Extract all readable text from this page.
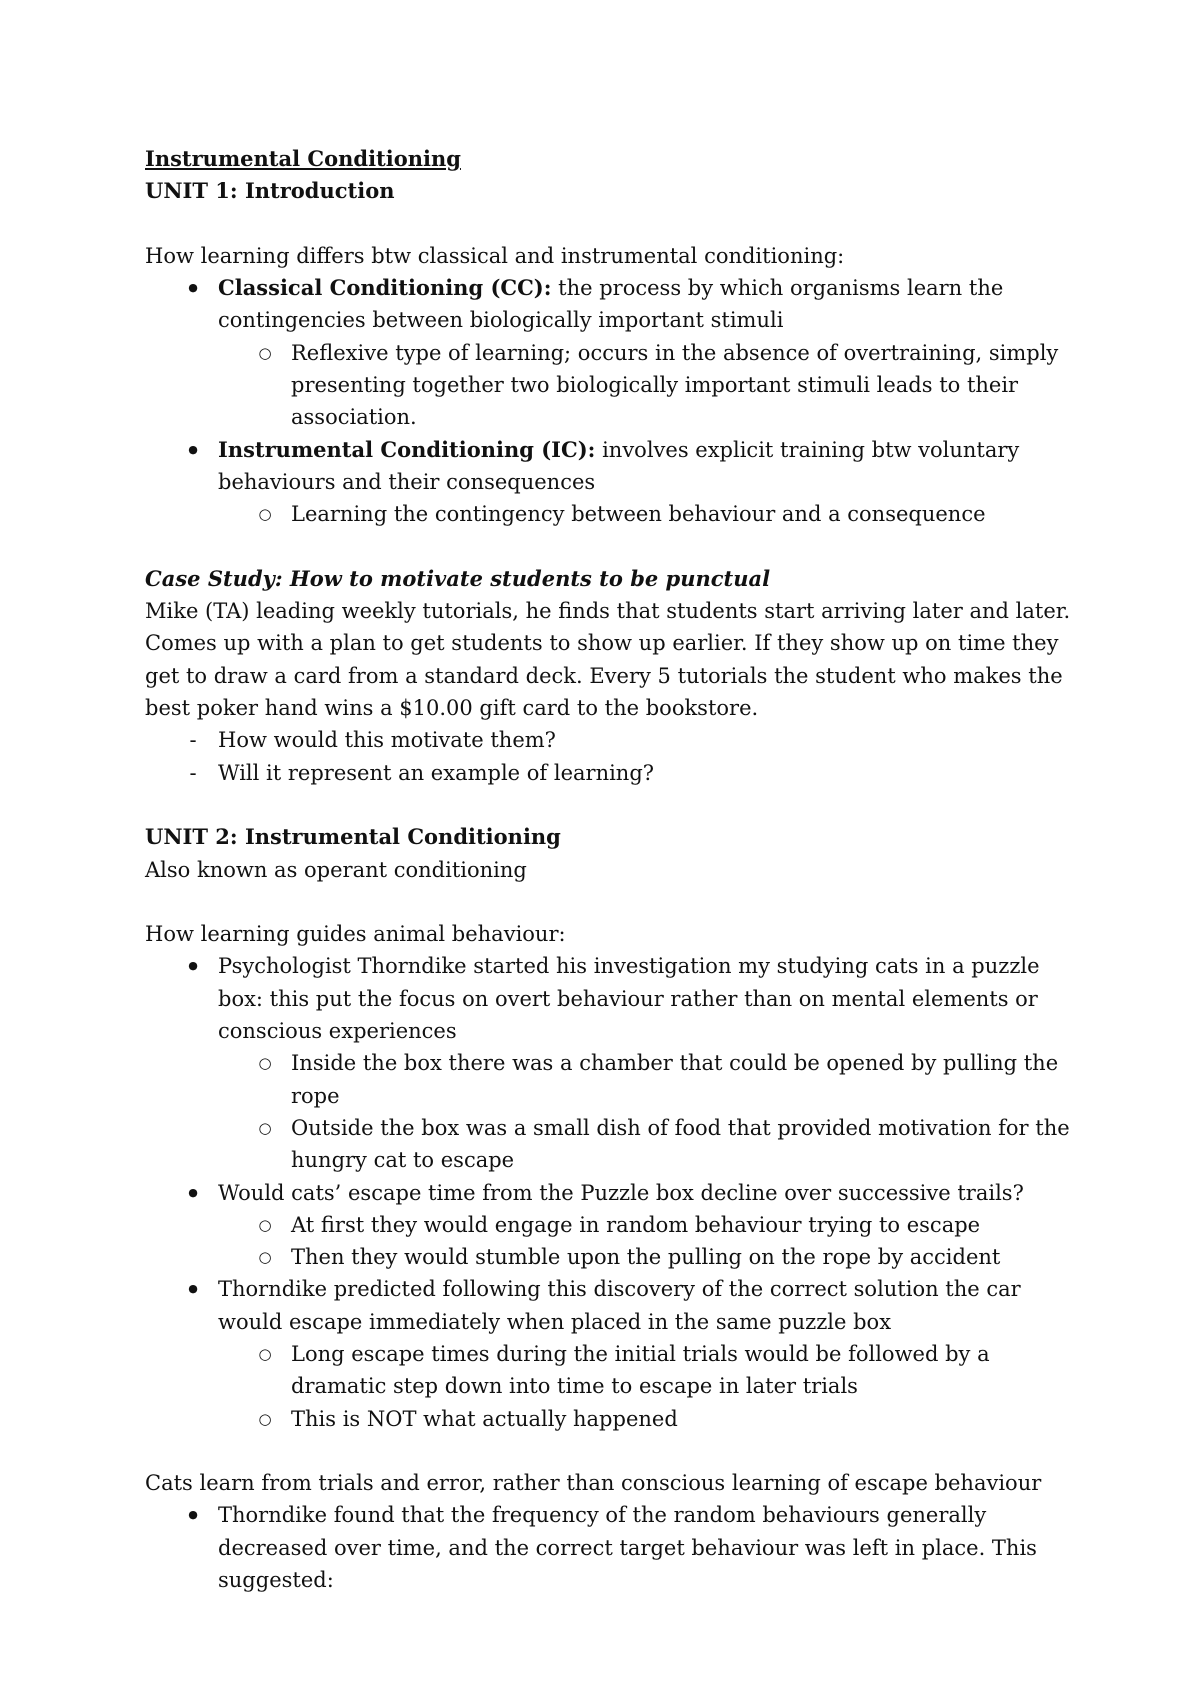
Instrumental Conditioning

UNIT 1: Introduction

How learning differs btw classical and instrumental conditioning:

● Classical Conditioning (CC): the process by which organisms learn the contingencies between biologically important stimuli
○ Reflexive type of learning; occurs in the absence of overtraining, simply presenting together two biologically important stimuli leads to their association.
● Instrumental Conditioning (IC): involves explicit training btw voluntary behaviours and their consequences
○ Learning the contingency between behaviour and a consequence

Case Study: How to motivate students to be punctual

Mike (TA) leading weekly tutorials, he finds that students start arriving later and later. Comes up with a plan to get students to show up earlier. If they show up on time they get to draw a card from a standard deck. Every 5 tutorials the student who makes the best poker hand wins a $10.00 gift card to the bookstore.

-	How would this motivate them?
-	Will it represent an example of learning?

UNIT 2: Instrumental Conditioning

Also known as operant conditioning

How learning guides animal behaviour:

● Psychologist Thorndike started his investigation my studying cats in a puzzle box: this put the focus on overt behaviour rather than on mental elements or conscious experiences
○ Inside the box there was a chamber that could be opened by pulling the rope
○ Outside the box was a small dish of food that provided motivation for the hungry cat to escape
● Would cats’ escape time from the Puzzle box decline over successive trails?
○ At first they would engage in random behaviour trying to escape
○ Then they would stumble upon the pulling on the rope by accident
● Thorndike predicted following this discovery of the correct solution the car would escape immediately when placed in the same puzzle box
○ Long escape times during the initial trials would be followed by a dramatic step down into time to escape in later trials
○ This is NOT what actually happened

Cats learn from trials and error, rather than conscious learning of escape behaviour

● Thorndike found that the frequency of the random behaviours generally decreased over time, and the correct target behaviour was left in place. This suggested:
